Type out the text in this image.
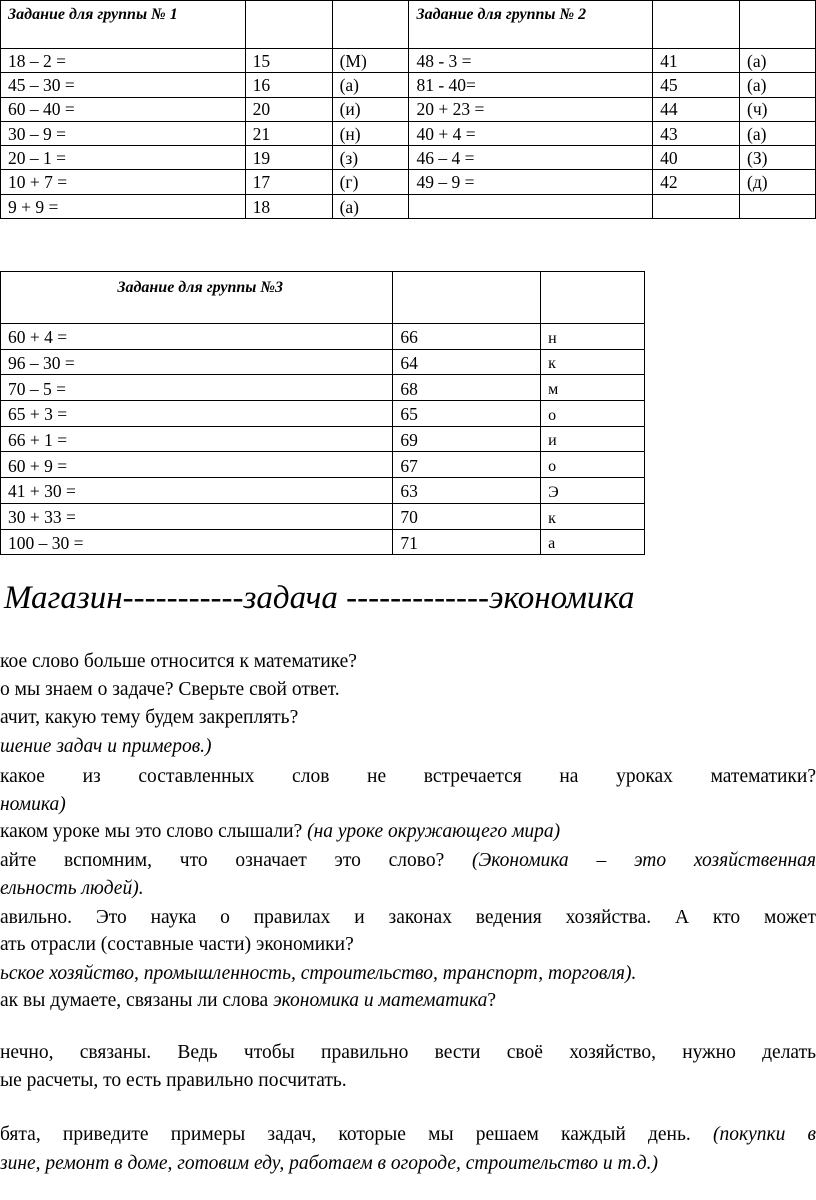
Задание для группы № 1			Задание для группы № 2		
18 – 2 =	15	(М)	48 - 3 =	41	(а)
45 – 30 =	16	(а)	81 - 40=	45	(а)
60 – 40 =	20	(и)	20 + 23 =	44	(ч)
30 – 9 =	21	(н)	40 + 4 =	43	(а)
20 – 1 =	19	(з)	46 – 4 =	40	(З)
10 + 7 =	17	(г)	49 – 9 =	42	(д)
9 + 9 =	18	(а)			
Задание для группы №3		
60 + 4 =	66	н
96 – 30 =	64	к
70 – 5 =	68	м
65 + 3 =	65	о
66 + 1 =	69	и
60 + 9 =	67	о
41 + 30 =	63	Э
30 + 33 =	70	к
100 – 30 =	71	а
Магазин-----------задача -------------экономика
кое слово больше относится к математике?
о мы знаем о задаче? Сверьте свой ответ.
ачит, какую тему будем закреплять?
шение задач и примеров.)
какое из составленных слов не встречается на уроках математики?
номика)
каком уроке мы это слово слышали? (на уроке окружающего мира)
айте вспомним, что означает это слово? (Экономика – это хозяйственная
ельность людей).
авильно. Это наука о правилах и законах ведения хозяйства. А кто может
ать отрасли (составные части) экономики?
ьское хозяйство, промышленность, строительство, транспорт, торговля).
ак вы думаете, связаны ли слова экономика и математика?
нечно, связаны. Ведь чтобы правильно вести своё хозяйство, нужно делать
ые расчеты, то есть правильно посчитать.
бята, приведите примеры задач, которые мы решаем каждый день. (покупки в
зине, ремонт в доме, готовим еду, работаем в огороде, строительство и т.д.)
